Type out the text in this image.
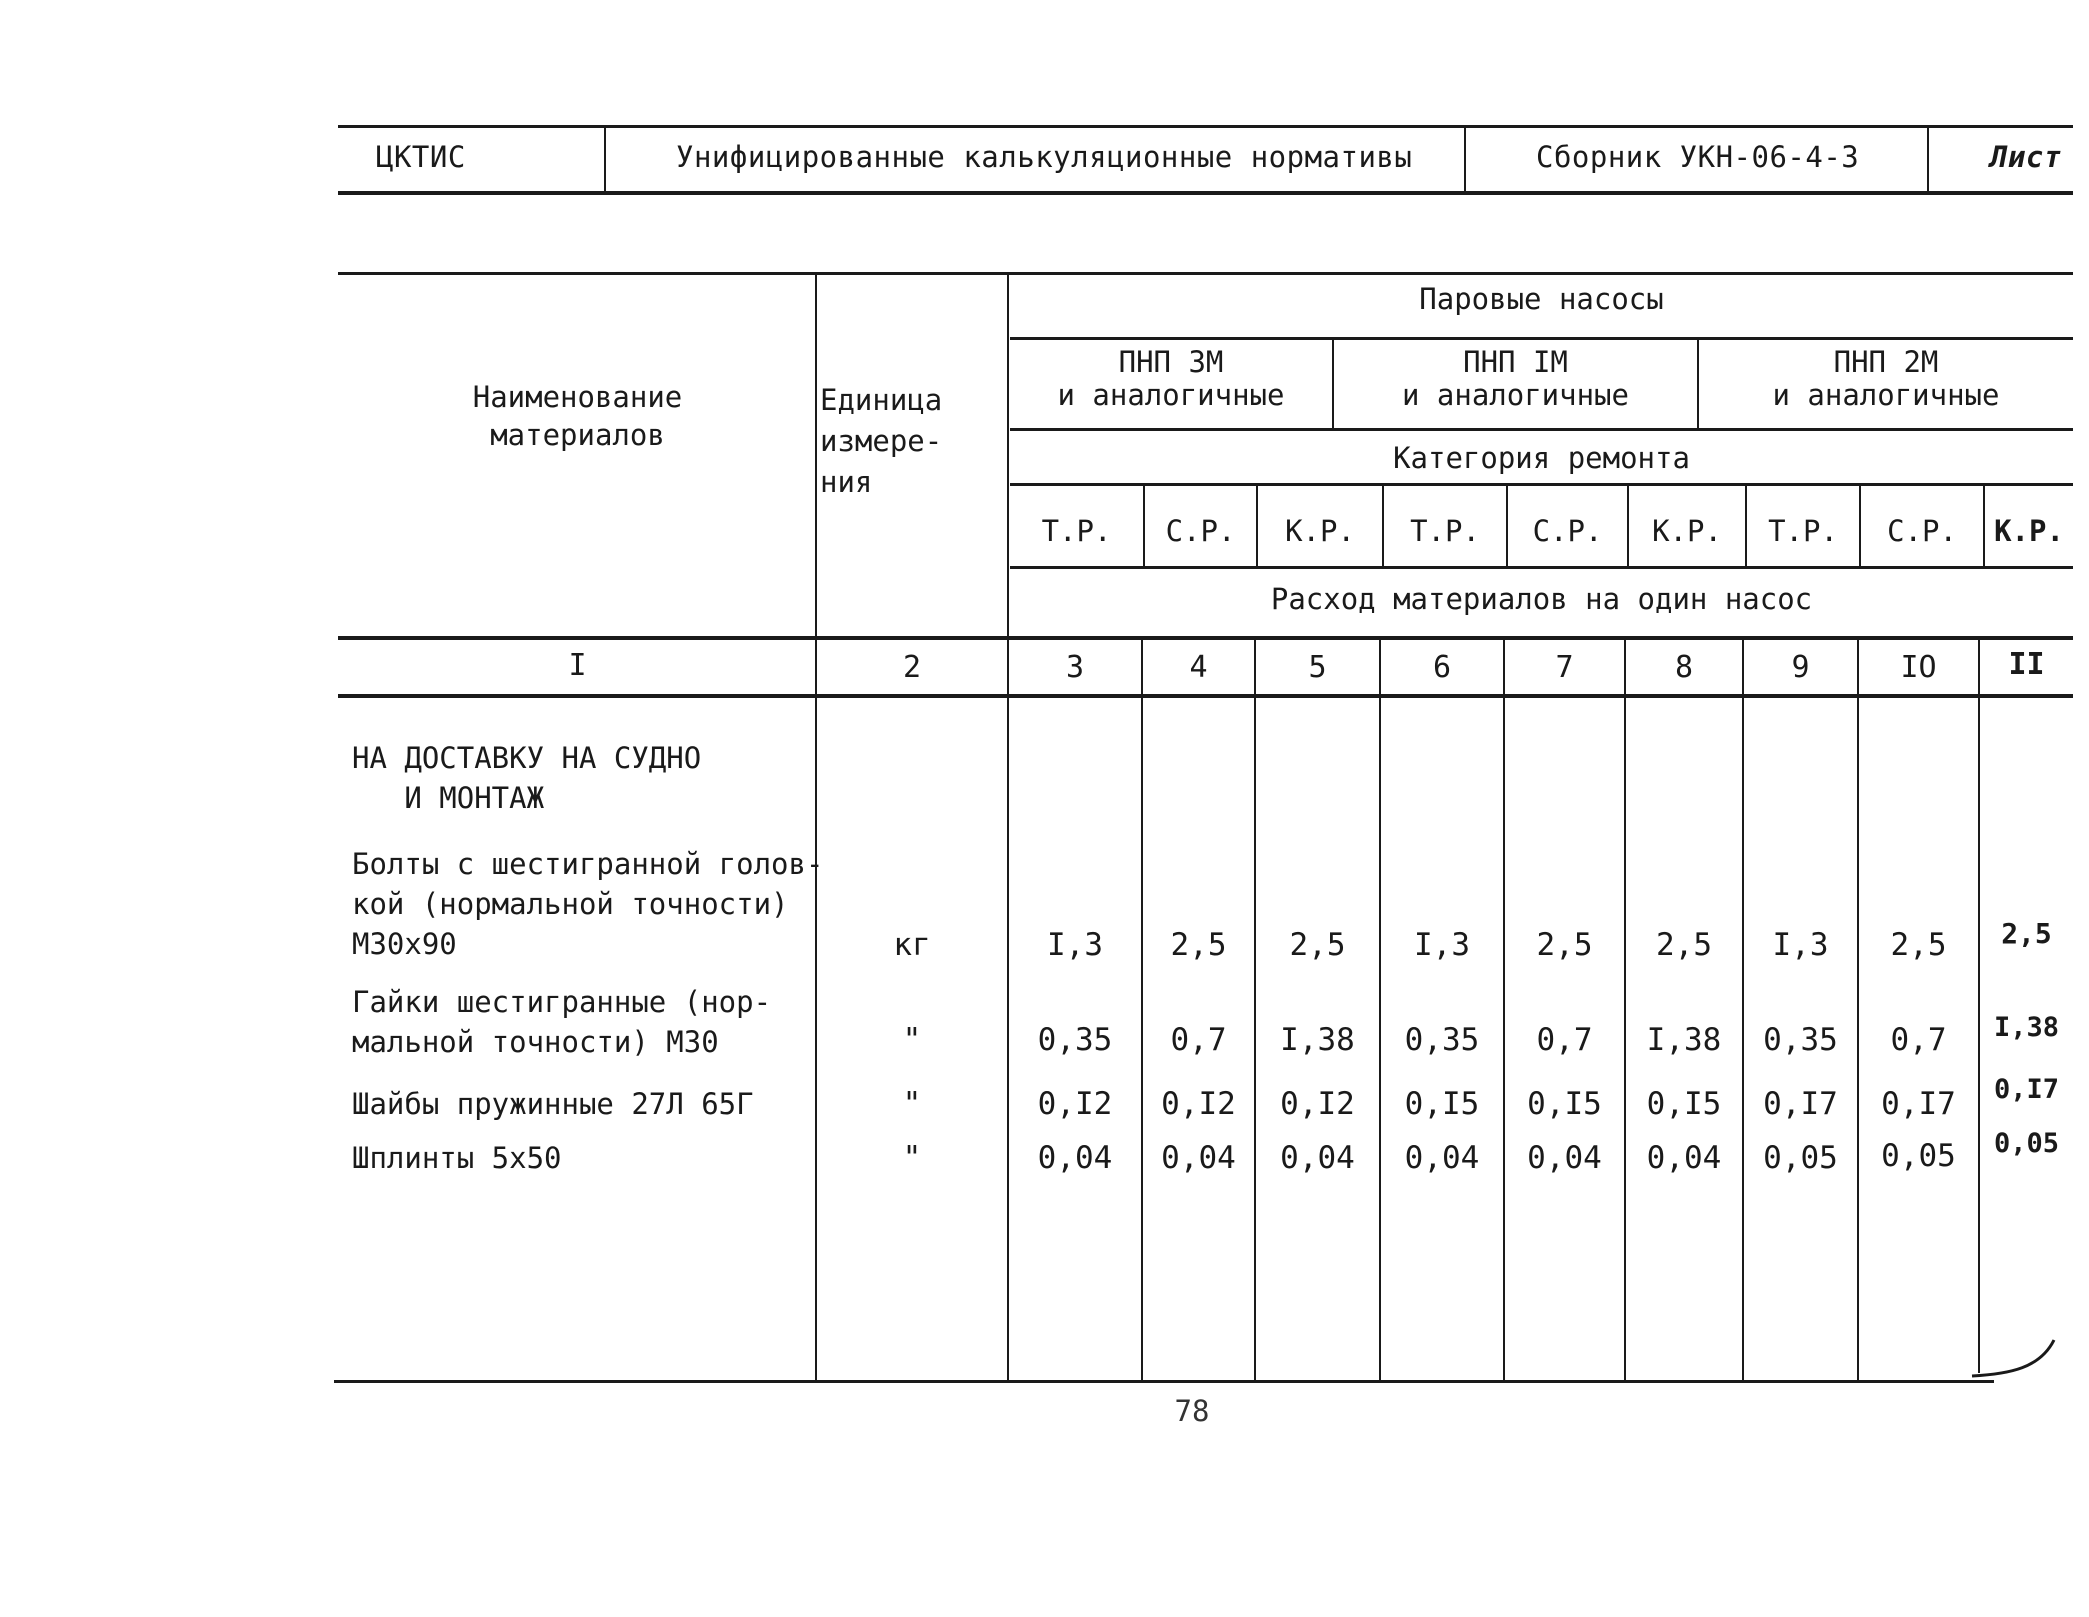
ЦКТИС	Унифицированные калькуляционные нормативы	Сборник УКН-06-4-3	Лист
Наименование
материалов
Единица
измере-
ния
Паровые насосы
ПНП 3М
и аналогичные
ПНП IМ
и аналогичные
ПНП 2М
и аналогичные
Категория ремонта
Т.Р.	С.Р.	К.Р.	Т.Р.	С.Р.	К.Р.	Т.Р.	С.Р.	К.Р.
Расход материалов на один насос
I	2	3	4	5	6	7	8	9	IO	II
НА ДОСТАВКУ НА СУДНО
И МОНТАЖ
Болты с шестигранной голов-
кой (нормальной точности)
М30х90	кг	I,3	2,5	2,5	I,3	2,5	2,5	I,3	2,5	2,5
Гайки шестигранные (нор-
мальной точности) М30	"	0,35	0,7	I,38	0,35	0,7	I,38	0,35	0,7	I,38
Шайбы пружинные 27Л 65Г	"	0,I2	0,I2	0,I2	0,I5	0,I5	0,I5	0,I7	0,I7	0,I7
Шплинты 5х50	"	0,04	0,04	0,04	0,04	0,04	0,04	0,05	0,05	0,05
78
